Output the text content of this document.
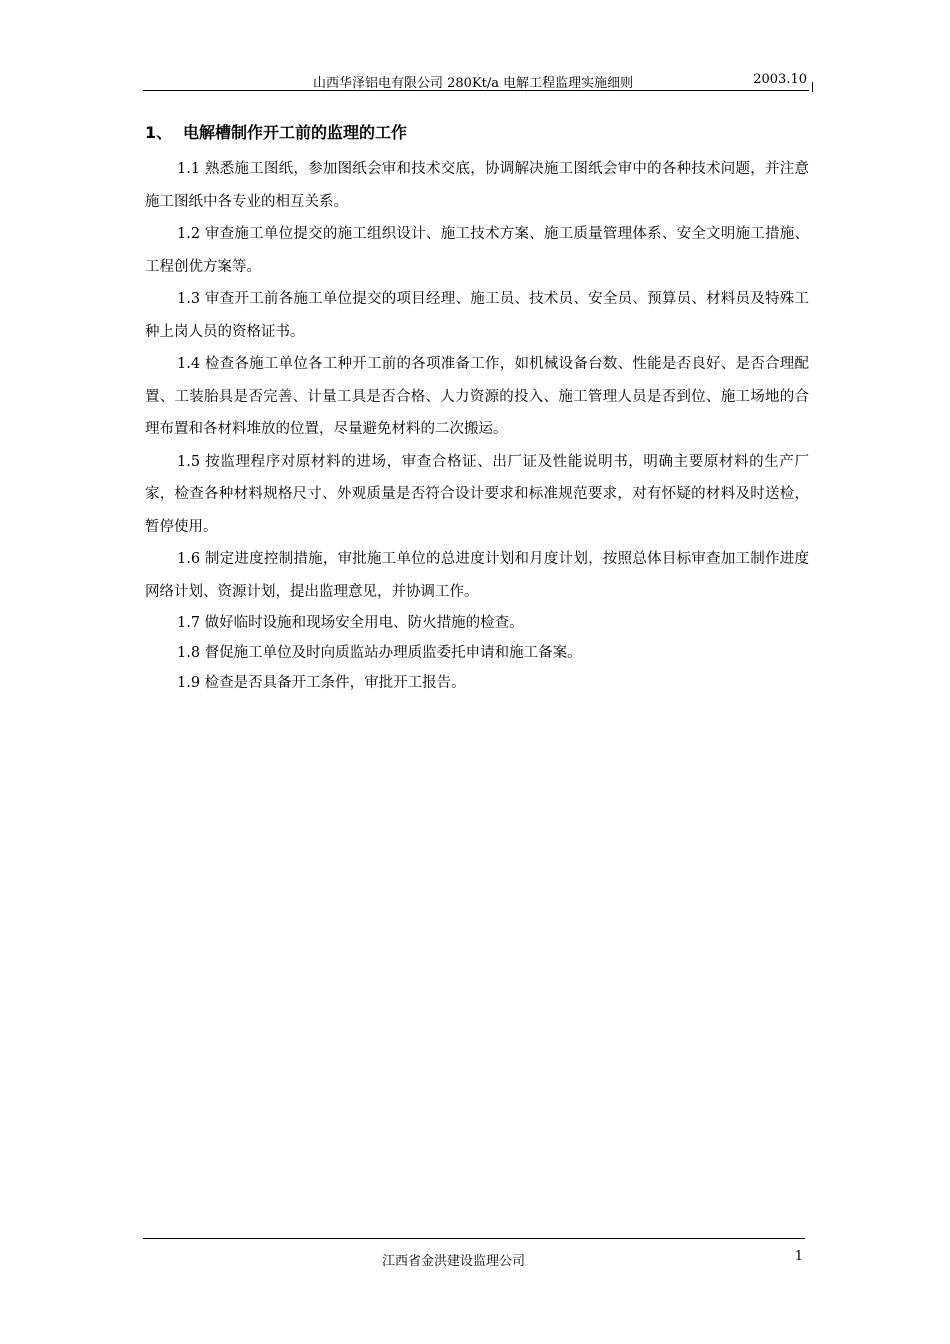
山西华泽铝电有限公司 280Kt/a 电解工程监理实施细则	2003.10
1、 电解槽制作开工前的监理的工作

1.1 熟悉施工图纸，参加图纸会审和技术交底，协调解决施工图纸会审中的各种技术问题，并注意施工图纸中各专业的相互关系。

1.2 审查施工单位提交的施工组织设计、施工技术方案、施工质量管理体系、安全文明施工措施、工程创优方案等。

1.3 审查开工前各施工单位提交的项目经理、施工员、技术员、安全员、预算员、材料员及特殊工种上岗人员的资格证书。

1.4 检查各施工单位各工种开工前的各项准备工作，如机械设备台数、性能是否良好、是否合理配置、工装胎具是否完善、计量工具是否合格、人力资源的投入、施工管理人员是否到位、施工场地的合理布置和各材料堆放的位置，尽量避免材料的二次搬运。

1.5 按监理程序对原材料的进场，审查合格证、出厂证及性能说明书，明确主要原材料的生产厂家，检查各种材料规格尺寸、外观质量是否符合设计要求和标准规范要求，对有怀疑的材料及时送检，暂停使用。

1.6 制定进度控制措施，审批施工单位的总进度计划和月度计划，按照总体目标审查加工制作进度网络计划、资源计划，提出监理意见，并协调工作。

1.7 做好临时设施和现场安全用电、防火措施的检查。

1.8 督促施工单位及时向质监站办理质监委托申请和施工备案。

1.9 检查是否具备开工条件，审批开工报告。

江西省金洪建设监理公司	1
